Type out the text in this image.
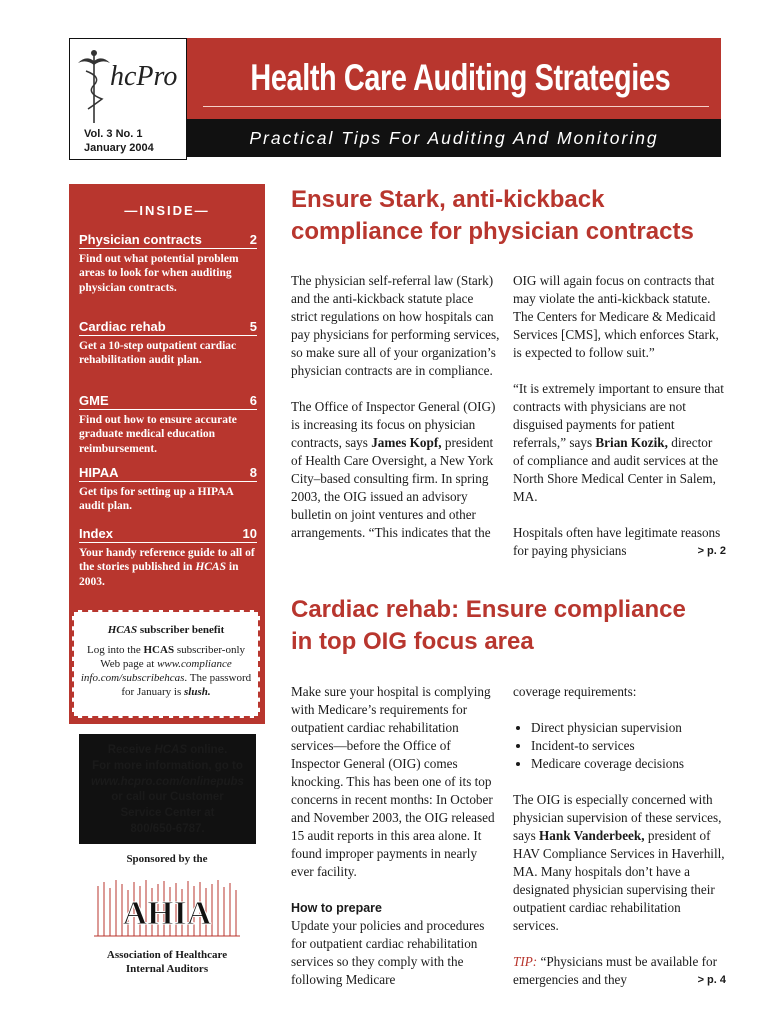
hcPro
Vol. 3 No. 1
January 2004
Health Care Auditing Strategies
Practical Tips For Auditing And Monitoring
—INSIDE—
Physician contracts	2
Find out what potential problem areas to look for when auditing physician contracts.
Cardiac rehab	5
Get a 10-step outpatient cardiac rehabilitation audit plan.
GME	6
Find out how to ensure accurate graduate medical education reimbursement.
HIPAA	8
Get tips for setting up a HIPAA audit plan.
Index	10
Your handy reference guide to all of the stories published in HCAS in 2003.
HCAS subscriber benefit
Log into the HCAS subscriber-only Web page at www.compliance info.com/subscribehcas. The password for January is slush.
Receive HCAS online.
For more information, go to
www.hcpro.com/onlinepubs
or call our Customer
Service Center at
800/650-6787.
Sponsored by the
AHIA
Association of Healthcare
Internal Auditors
Ensure Stark, anti-kickback
compliance for physician contracts

The physician self-referral law (Stark) and the anti-kickback statute place strict regulations on how hospitals can pay physicians for performing services, so make sure all of your organization’s physician contracts are in compliance.

The Office of Inspector General (OIG) is increasing its focus on physician contracts, says James Kopf, president of Health Care Oversight, a New York City–based consulting firm. In spring 2003, the OIG issued an advisory bulletin on joint ventures and other arrangements. “This indicates that the

OIG will again focus on contracts that may violate the anti-kickback statute. The Centers for Medicare & Medicaid Services [CMS], which enforces Stark, is expected to follow suit.”

“It is extremely important to ensure that contracts with physicians are not disguised payments for patient referrals,” says Brian Kozik, director of compliance and audit services at the North Shore Medical Center in Salem, MA.

Hospitals often have legitimate reasons for paying physicians	> p. 2

Cardiac rehab: Ensure compliance
in top OIG focus area

Make sure your hospital is complying with Medicare’s requirements for outpatient cardiac rehabilitation services—before the Office of Inspector General (OIG) comes knocking. This has been one of its top concerns in recent months: In October and November 2003, the OIG released 15 audit reports in this area alone. It found improper payments in nearly ever facility.

How to prepare

Update your policies and procedures for outpatient cardiac rehabilitation services so they comply with the following Medicare

coverage requirements:

• Direct physician supervision
• Incident-to services
• Medicare coverage decisions

The OIG is especially concerned with physician supervision of these services, says Hank Vanderbeek, president of HAV Compliance Services in Haverhill, MA. Many hospitals don’t have a designated physician supervising their outpatient cardiac rehabilitation services.

TIP: “Physicians must be available for emergencies and they	> p. 4
